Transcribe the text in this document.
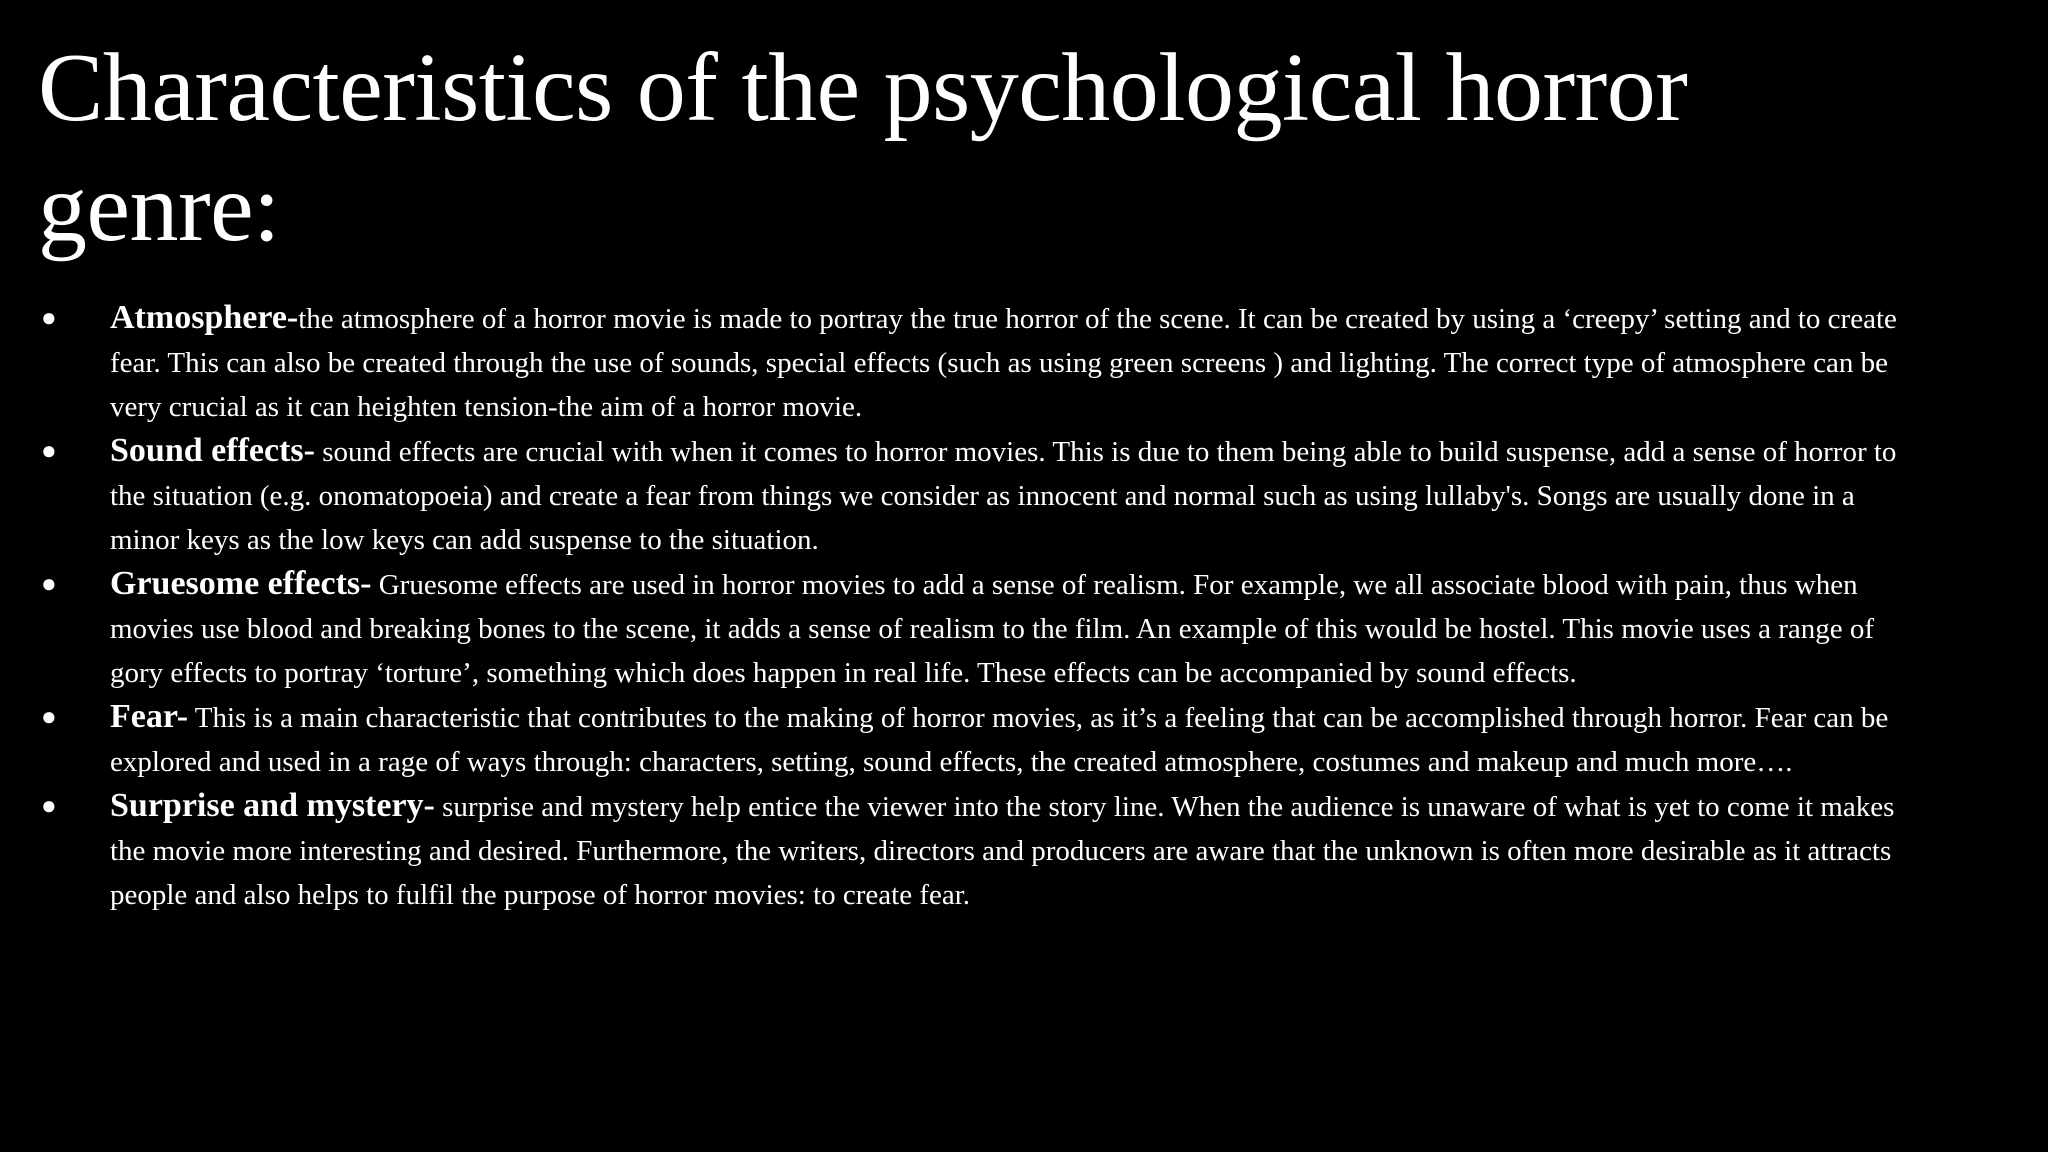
Characteristics of the psychological horror genre:
● Atmosphere-the atmosphere of a horror movie is made to portray the true horror of the scene. It can be created by using a ‘creepy’ setting and to create fear. This can also be created through the use of sounds, special effects (such as using green screens ) and lighting. The correct type of atmosphere can be very crucial as it can heighten tension-the aim of a horror movie.
● Sound effects- sound effects are crucial with when it comes to horror movies. This is due to them being able to build suspense, add a sense of horror to the situation (e.g. onomatopoeia) and create a fear from things we consider as innocent and normal such as using lullaby's. Songs are usually done in a minor keys as the low keys can add suspense to the situation.
● Gruesome effects- Gruesome effects are used in horror movies to add a sense of realism. For example, we all associate blood with pain, thus when movies use blood and breaking bones to the scene, it adds a sense of realism to the film. An example of this would be hostel. This movie uses a range of gory effects to portray ‘torture’, something which does happen in real life. These effects can be accompanied by sound effects.
● Fear- This is a main characteristic that contributes to the making of horror movies, as it’s a feeling that can be accomplished through horror. Fear can be explored and used in a rage of ways through: characters, setting, sound effects, the created atmosphere, costumes and makeup and much more….
● Surprise and mystery- surprise and mystery help entice the viewer into the story line. When the audience is unaware of what is yet to come it makes the movie more interesting and desired. Furthermore, the writers, directors and producers are aware that the unknown is often more desirable as it attracts people and also helps to fulfil the purpose of horror movies: to create fear.
